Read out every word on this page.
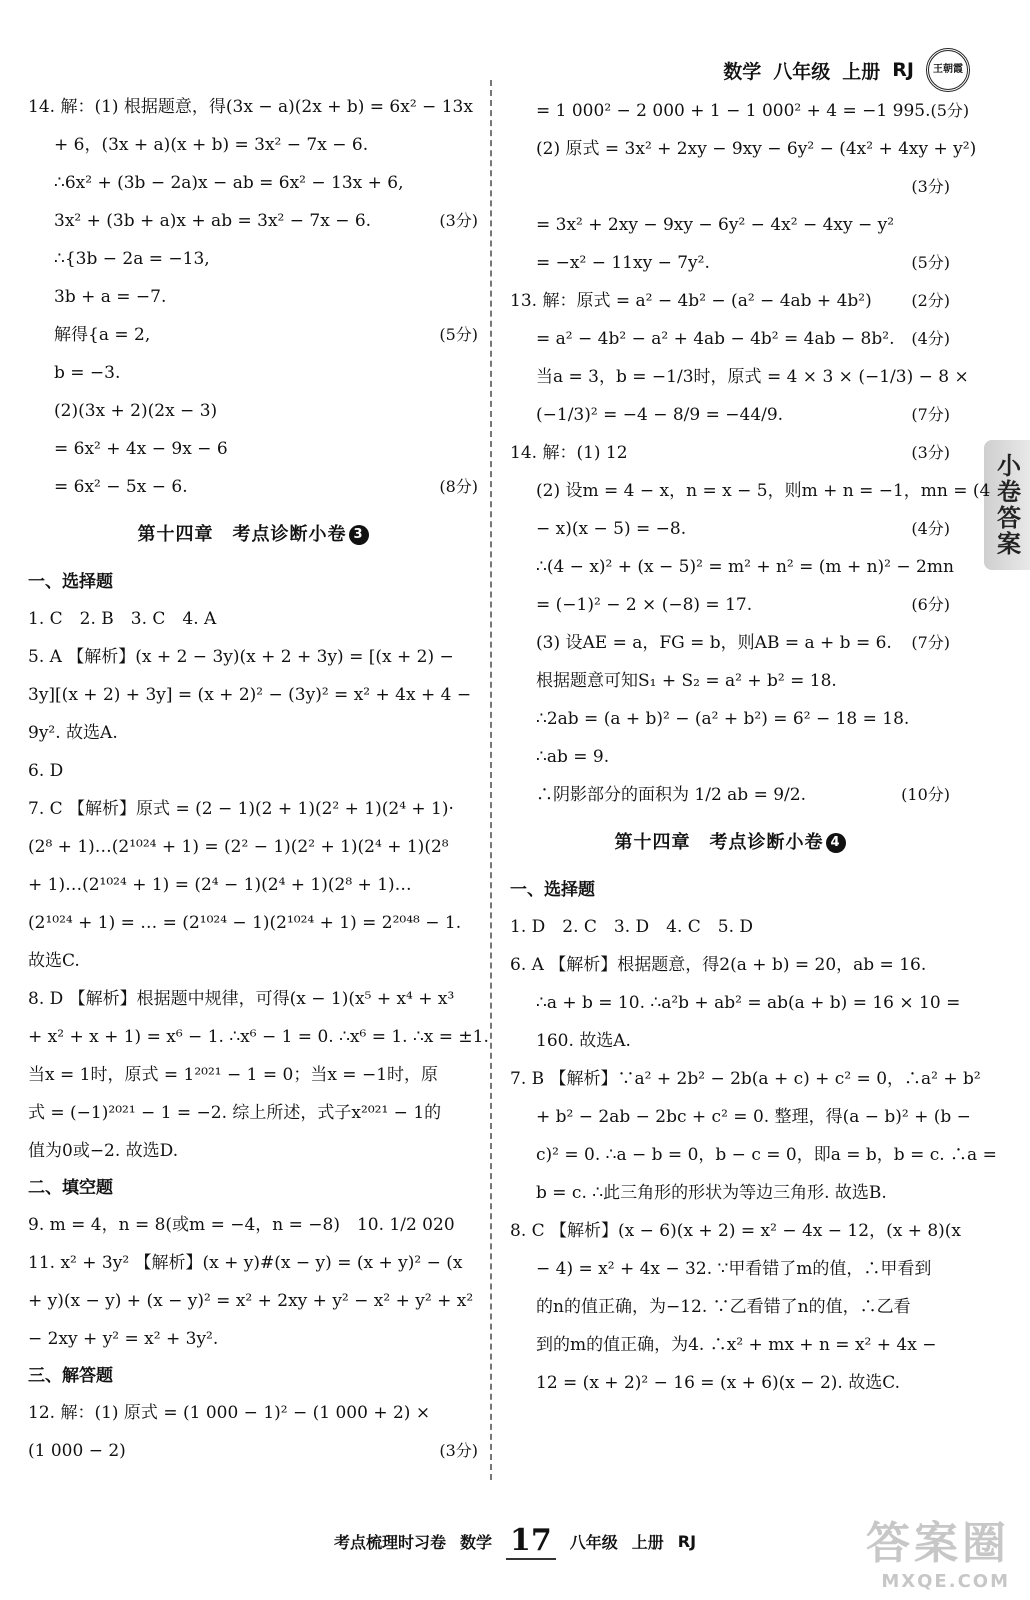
数学 八年级 上册 RJ	王朝霞
小卷答案
14. 解：(1) 根据题意，得(3x − a)(2x + b) = 6x² − 13x
+ 6，(3x + a)(x + b) = 3x² − 7x − 6.
∴6x² + (3b − 2a)x − ab = 6x² − 13x + 6,
3x² + (3b + a)x + ab = 3x² − 7x − 6.	(3分)
∴{3b − 2a = −13,
3b + a = −7.
解得{a = 2,	(5分)
b = −3.
(2)(3x + 2)(2x − 3)
= 6x² + 4x − 9x − 6
= 6x² − 5x − 6.	(8分)
第十四章　考点诊断小卷 3
一、选择题
1. C　2. B　3. C　4. A
5. A 【解析】(x + 2 − 3y)(x + 2 + 3y) = [(x + 2) −
3y][(x + 2) + 3y] = (x + 2)² − (3y)² = x² + 4x + 4 −
9y². 故选A.
6. D
7. C 【解析】原式 = (2 − 1)(2 + 1)(2² + 1)(2⁴ + 1)·
(2⁸ + 1)…(2¹⁰²⁴ + 1) = (2² − 1)(2² + 1)(2⁴ + 1)(2⁸
+ 1)…(2¹⁰²⁴ + 1) = (2⁴ − 1)(2⁴ + 1)(2⁸ + 1)…
(2¹⁰²⁴ + 1) = … = (2¹⁰²⁴ − 1)(2¹⁰²⁴ + 1) = 2²⁰⁴⁸ − 1.
故选C.
8. D 【解析】根据题中规律，可得(x − 1)(x⁵ + x⁴ + x³
+ x² + x + 1) = x⁶ − 1. ∴x⁶ − 1 = 0. ∴x⁶ = 1. ∴x = ±1.
当x = 1时，原式 = 1²⁰²¹ − 1 = 0；当x = −1时，原
式 = (−1)²⁰²¹ − 1 = −2. 综上所述，式子x²⁰²¹ − 1的
值为0或−2. 故选D.
二、填空题
9. m = 4，n = 8(或m = −4，n = −8)　10. 1/2 020
11. x² + 3y² 【解析】(x + y)#(x − y) = (x + y)² − (x
+ y)(x − y) + (x − y)² = x² + 2xy + y² − x² + y² + x²
− 2xy + y² = x² + 3y².
三、解答题
12. 解：(1) 原式 = (1 000 − 1)² − (1 000 + 2) ×
(1 000 − 2)	(3分)
= 1 000² − 2 000 + 1 − 1 000² + 4 = −1 995. (5分)
(2) 原式 = 3x² + 2xy − 9xy − 6y² − (4x² + 4xy + y²)
(3分)
= 3x² + 2xy − 9xy − 6y² − 4x² − 4xy − y²
= −x² − 11xy − 7y².	(5分)
13. 解：原式 = a² − 4b² − (a² − 4ab + 4b²) (2分)
= a² − 4b² − a² + 4ab − 4b² = 4ab − 8b². (4分)
当a = 3，b = −1/3时，原式 = 4 × 3 × (−1/3) − 8 ×
(−1/3)² = −4 − 8/9 = −44/9.	(7分)
14. 解：(1) 12	(3分)
(2) 设m = 4 − x，n = x − 5，则m + n = −1，mn = (4
− x)(x − 5) = −8.	(4分)
∴(4 − x)² + (x − 5)² = m² + n² = (m + n)² − 2mn
= (−1)² − 2 × (−8) = 17.	(6分)
(3) 设AE = a，FG = b，则AB = a + b = 6. (7分)
根据题意可知S₁ + S₂ = a² + b² = 18.
∴2ab = (a + b)² − (a² + b²) = 6² − 18 = 18.
∴ab = 9.
∴阴影部分的面积为 1/2 ab = 9/2.	(10分)
第十四章　考点诊断小卷 4
一、选择题
1. D　2. C　3. D　4. C　5. D
6. A 【解析】根据题意，得2(a + b) = 20，ab = 16.
∴a + b = 10. ∴a²b + ab² = ab(a + b) = 16 × 10 =
160. 故选A.
7. B 【解析】∵a² + 2b² − 2b(a + c) + c² = 0，∴a² + b²
+ b² − 2ab − 2bc + c² = 0. 整理，得(a − b)² + (b −
c)² = 0. ∴a − b = 0，b − c = 0，即a = b，b = c. ∴a =
b = c. ∴此三角形的形状为等边三角形. 故选B.
8. C 【解析】(x − 6)(x + 2) = x² − 4x − 12，(x + 8)(x
− 4) = x² + 4x − 32. ∵甲看错了m的值，∴甲看到
的n的值正确，为−12. ∵乙看错了n的值，∴乙看
到的m的值正确，为4. ∴x² + mx + n = x² + 4x −
12 = (x + 2)² − 16 = (x + 6)(x − 2). 故选C.
考点梳理时习卷 数学 17 八年级 上册 RJ	答案圈
MXQE.COM
